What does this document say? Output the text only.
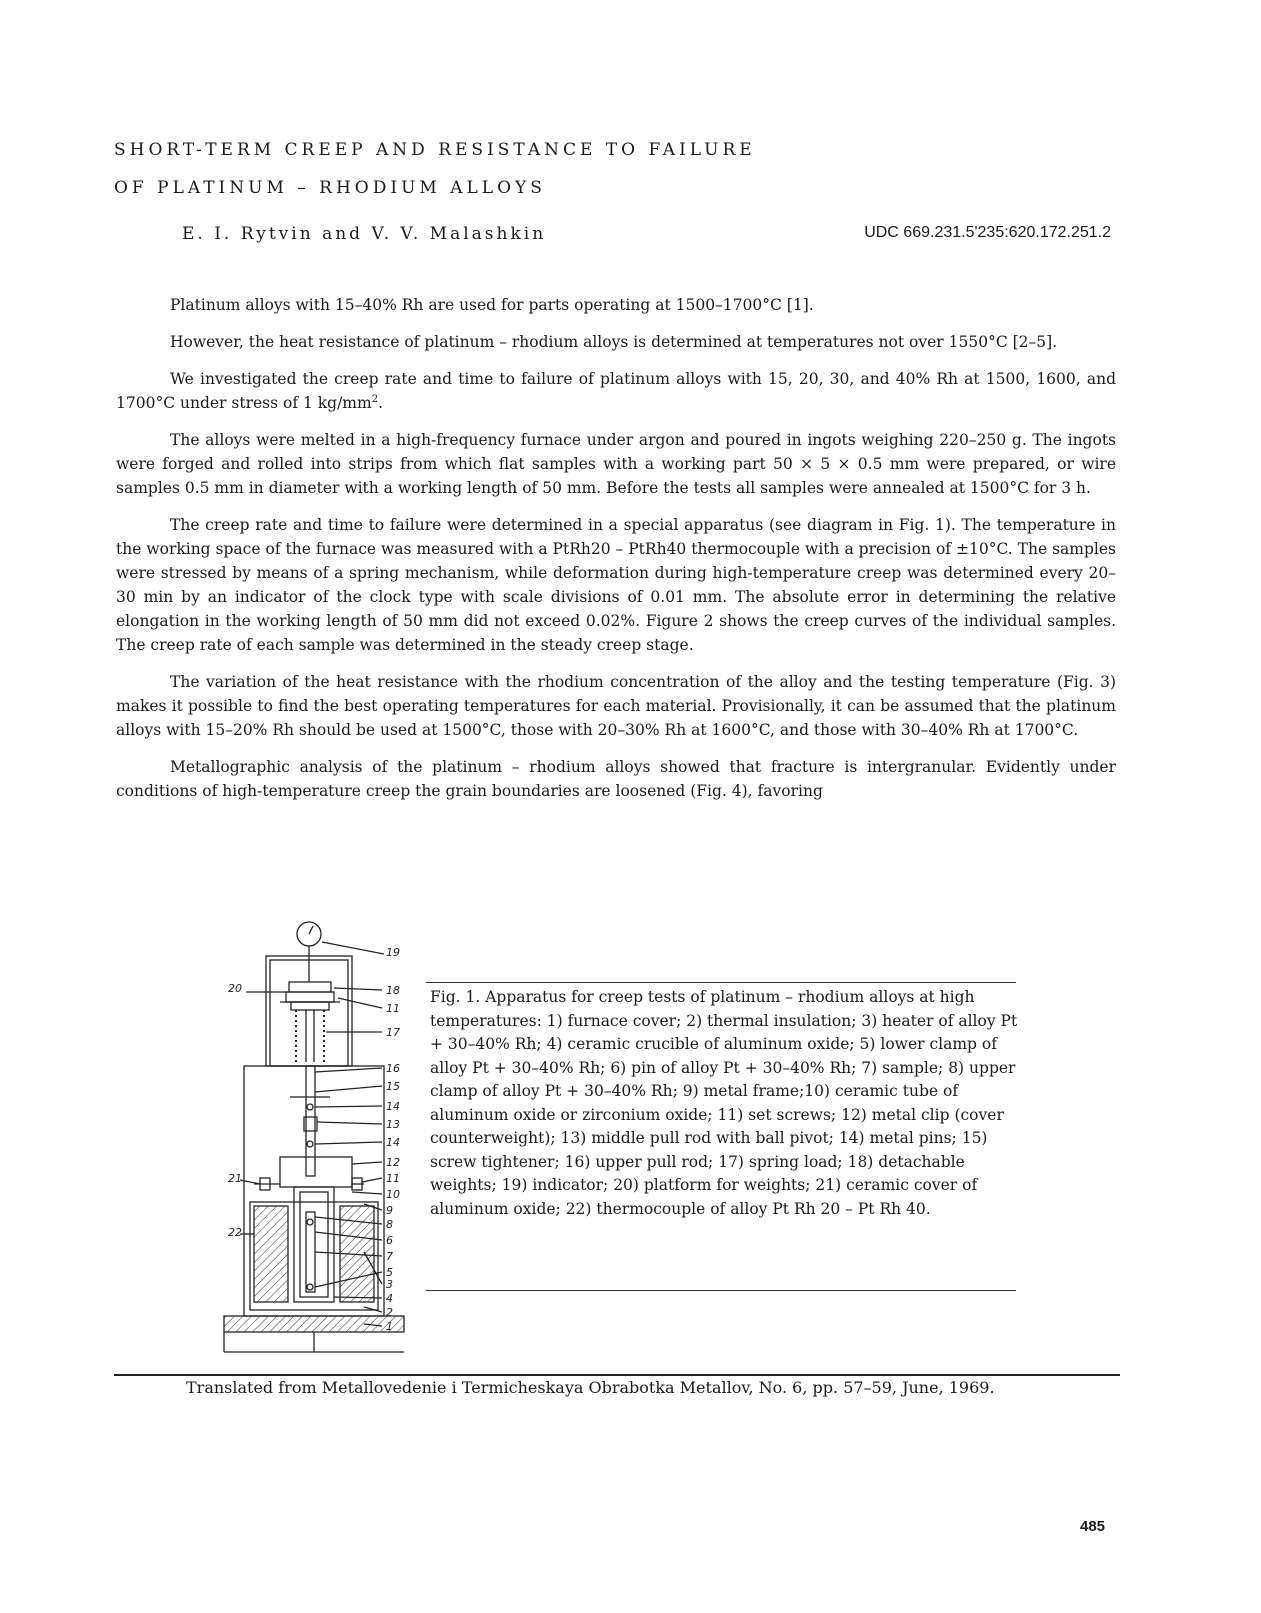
SHORT-TERM CREEP AND RESISTANCE TO FAILURE
OF PLATINUM – RHODIUM ALLOYS
E. I. Rytvin and V. V. Malashkin	UDC 669.231.5'235:620.172.251.2

Platinum alloys with 15–40% Rh are used for parts operating at 1500–1700°C [1].

However, the heat resistance of platinum – rhodium alloys is determined at temperatures not over 1550°C [2–5].

We investigated the creep rate and time to failure of platinum alloys with 15, 20, 30, and 40% Rh at 1500, 1600, and 1700°C under stress of 1 $kg/mm^2$.

The alloys were melted in a high-frequency furnace under argon and poured in ingots weighing 220–250 g. The ingots were forged and rolled into strips from which flat samples with a working part 50 × 5 × 0.5 mm were prepared, or wire samples 0.5 mm in diameter with a working length of 50 mm. Before the tests all samples were annealed at 1500°C for 3 h.

The creep rate and time to failure were determined in a special apparatus (see diagram in Fig. 1). The temperature in the working space of the furnace was measured with a PtRh20 – PtRh40 thermocouple with a precision of ±10°C. The samples were stressed by means of a spring mechanism, while deformation during high-temperature creep was determined every 20–30 min by an indicator of the clock type with scale divisions of 0.01 mm. The absolute error in determining the relative elongation in the working length of 50 mm did not exceed 0.02%. Figure 2 shows the creep curves of the individual samples. The creep rate of each sample was determined in the steady creep stage.

The variation of the heat resistance with the rhodium concentration of the alloy and the testing temperature (Fig. 3) makes it possible to find the best operating temperatures for each material. Provisionally, it can be assumed that the platinum alloys with 15–20% Rh should be used at 1500°C, those with 20–30% Rh at 1600°C, and those with 30–40% Rh at 1700°C.

Metallographic analysis of the platinum – rhodium alloys showed that fracture is intergranular. Evidently under conditions of high-temperature creep the grain boundaries are loosened (Fig. 4), favoring

19
18
11
17
16
15
14
13
14
12
11
10
9
8
6
7
5
3
4
2
1
20
21
22
Fig. 1. Apparatus for creep tests of platinum – rhodium alloys at high temperatures: 1) furnace cover; 2) thermal insulation; 3) heater of alloy Pt + 30–40% Rh; 4) ceramic crucible of aluminum oxide; 5) lower clamp of alloy Pt + 30–40% Rh; 6) pin of alloy Pt + 30–40% Rh; 7) sample; 8) upper clamp of alloy Pt + 30–40% Rh; 9) metal frame;10) ceramic tube of aluminum oxide or zirconium oxide; 11) set screws; 12) metal clip (cover counterweight); 13) middle pull rod with ball pivot; 14) metal pins; 15) screw tightener; 16) upper pull rod; 17) spring load; 18) detachable weights; 19) indicator; 20) platform for weights; 21) ceramic cover of aluminum oxide; 22) thermocouple of alloy Pt Rh 20 – Pt Rh 40.
Translated from Metallovedenie i Termicheskaya Obrabotka Metallov, No. 6, pp. 57–59, June, 1969.
485
